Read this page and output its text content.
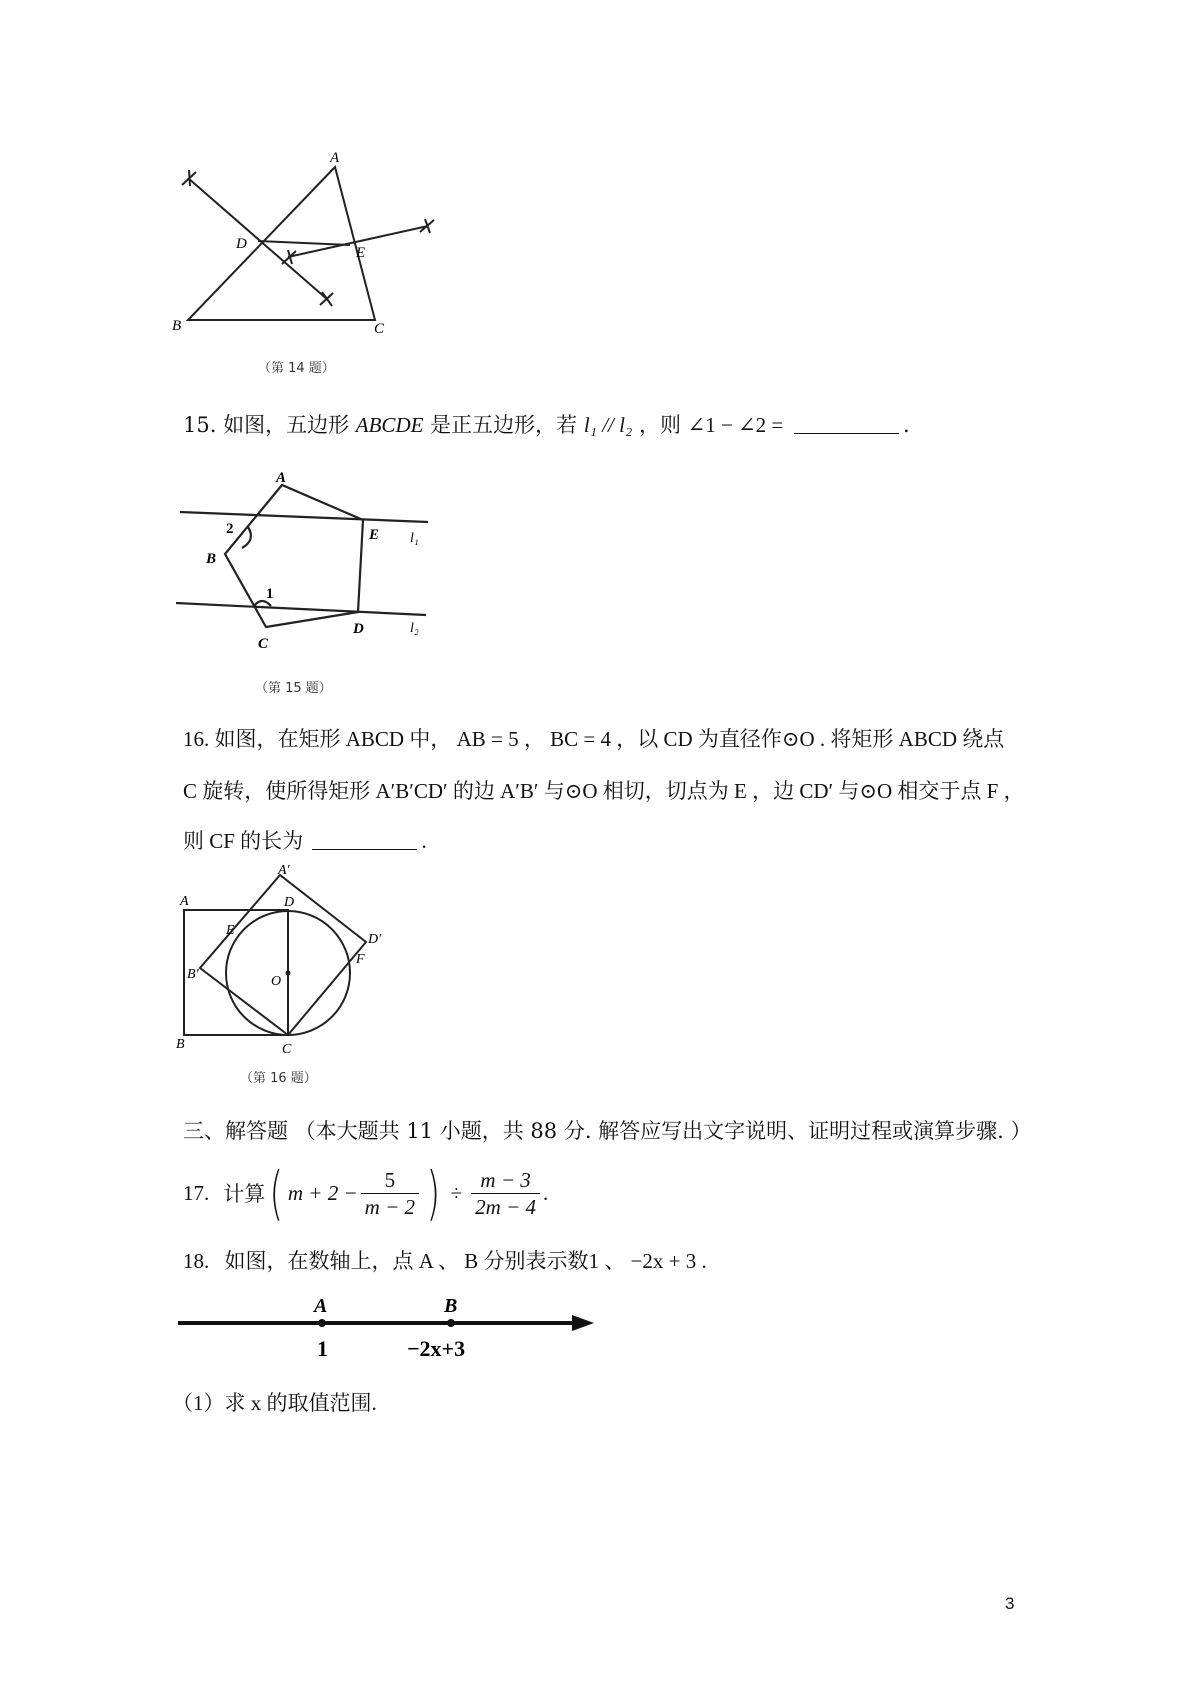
A
B	C
D
E
（第 14 题）
15. 如图，五边形 ABCDE 是正五边形，若 l₁ // l₂ ，则 ∠1 − ∠2 =	.
A
B
C
D
E
1
2
l₁
l₂
（第 15 题）
16. 如图，在矩形 ABCD 中， AB = 5 ， BC = 4 ，以 CD 为直径作⊙O . 将矩形 ABCD 绕点
C 旋转，使所得矩形 A′B′CD′ 的边 A′B′ 与⊙O 相切，切点为 E ，边 CD′ 与⊙O 相交于点 F ，
则 CF 的长为	.
A
A′
B
B′
C
D
D′
E
F
O
（第 16 题）
三、解答题 （本大题共 11 小题，共 88 分. 解答应写出文字说明、证明过程或演算步骤. ）
17. 计算 ( $m + 2 - \frac{5}{m - 2}$ ) ÷ $\frac{m - 3}{2m - 4}$ .
18. 如图，在数轴上，点 A 、 B 分别表示数1 、 −2x + 3 .
A	B
1	−2x+3
（1）求 x 的取值范围.
3
